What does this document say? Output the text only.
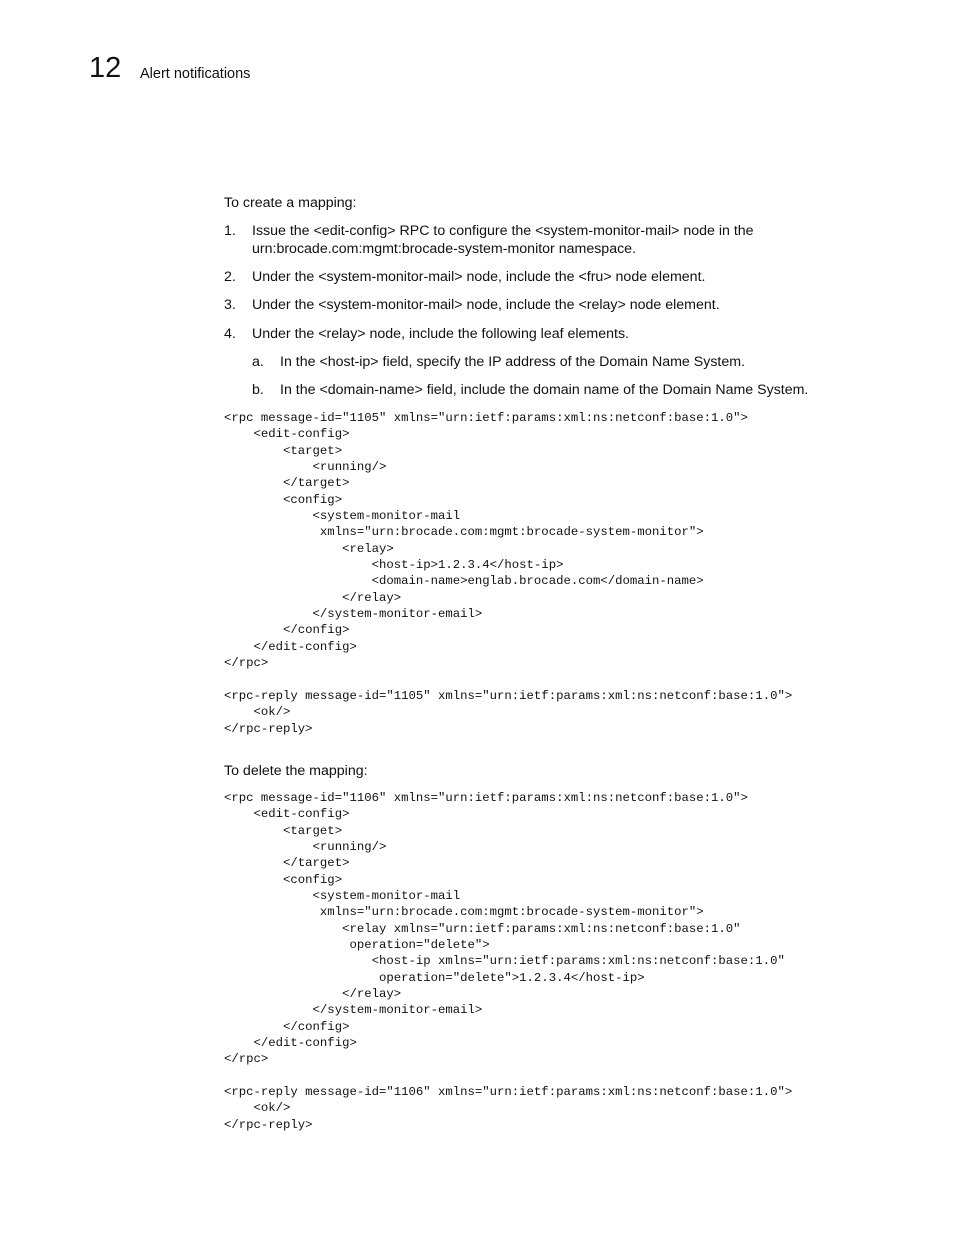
12 Alert notifications

To create a mapping:

1. Issue the <edit-config> RPC to configure the <system-monitor-mail> node in the urn:brocade.com:mgmt:brocade-system-monitor namespace.
2. Under the <system-monitor-mail> node, include the <fru> node element.
3. Under the <system-monitor-mail> node, include the <relay> node element.
4. Under the <relay> node, include the following leaf elements.
a. In the <host-ip> field, specify the IP address of the Domain Name System.
b. In the <domain-name> field, include the domain name of the Domain Name System.
<rpc message-id="1105" xmlns="urn:ietf:params:xml:ns:netconf:base:1.0">
<edit-config>
<target>
<running/>
</target>
<config>
<system-monitor-mail
xmlns="urn:brocade.com:mgmt:brocade-system-monitor">
<relay>
<host-ip>1.2.3.4</host-ip>
<domain-name>englab.brocade.com</domain-name>
</relay>
</system-monitor-email>
</config>
</edit-config>
</rpc>

<rpc-reply message-id="1105" xmlns="urn:ietf:params:xml:ns:netconf:base:1.0">
<ok/>
</rpc-reply>

To delete the mapping:

<rpc message-id="1106" xmlns="urn:ietf:params:xml:ns:netconf:base:1.0">
<edit-config>
<target>
<running/>
</target>
<config>
<system-monitor-mail
xmlns="urn:brocade.com:mgmt:brocade-system-monitor">
<relay xmlns="urn:ietf:params:xml:ns:netconf:base:1.0"
operation="delete">
<host-ip xmlns="urn:ietf:params:xml:ns:netconf:base:1.0"
operation="delete">1.2.3.4</host-ip>
</relay>
</system-monitor-email>
</config>
</edit-config>
</rpc>

<rpc-reply message-id="1106" xmlns="urn:ietf:params:xml:ns:netconf:base:1.0">
<ok/>
</rpc-reply>
